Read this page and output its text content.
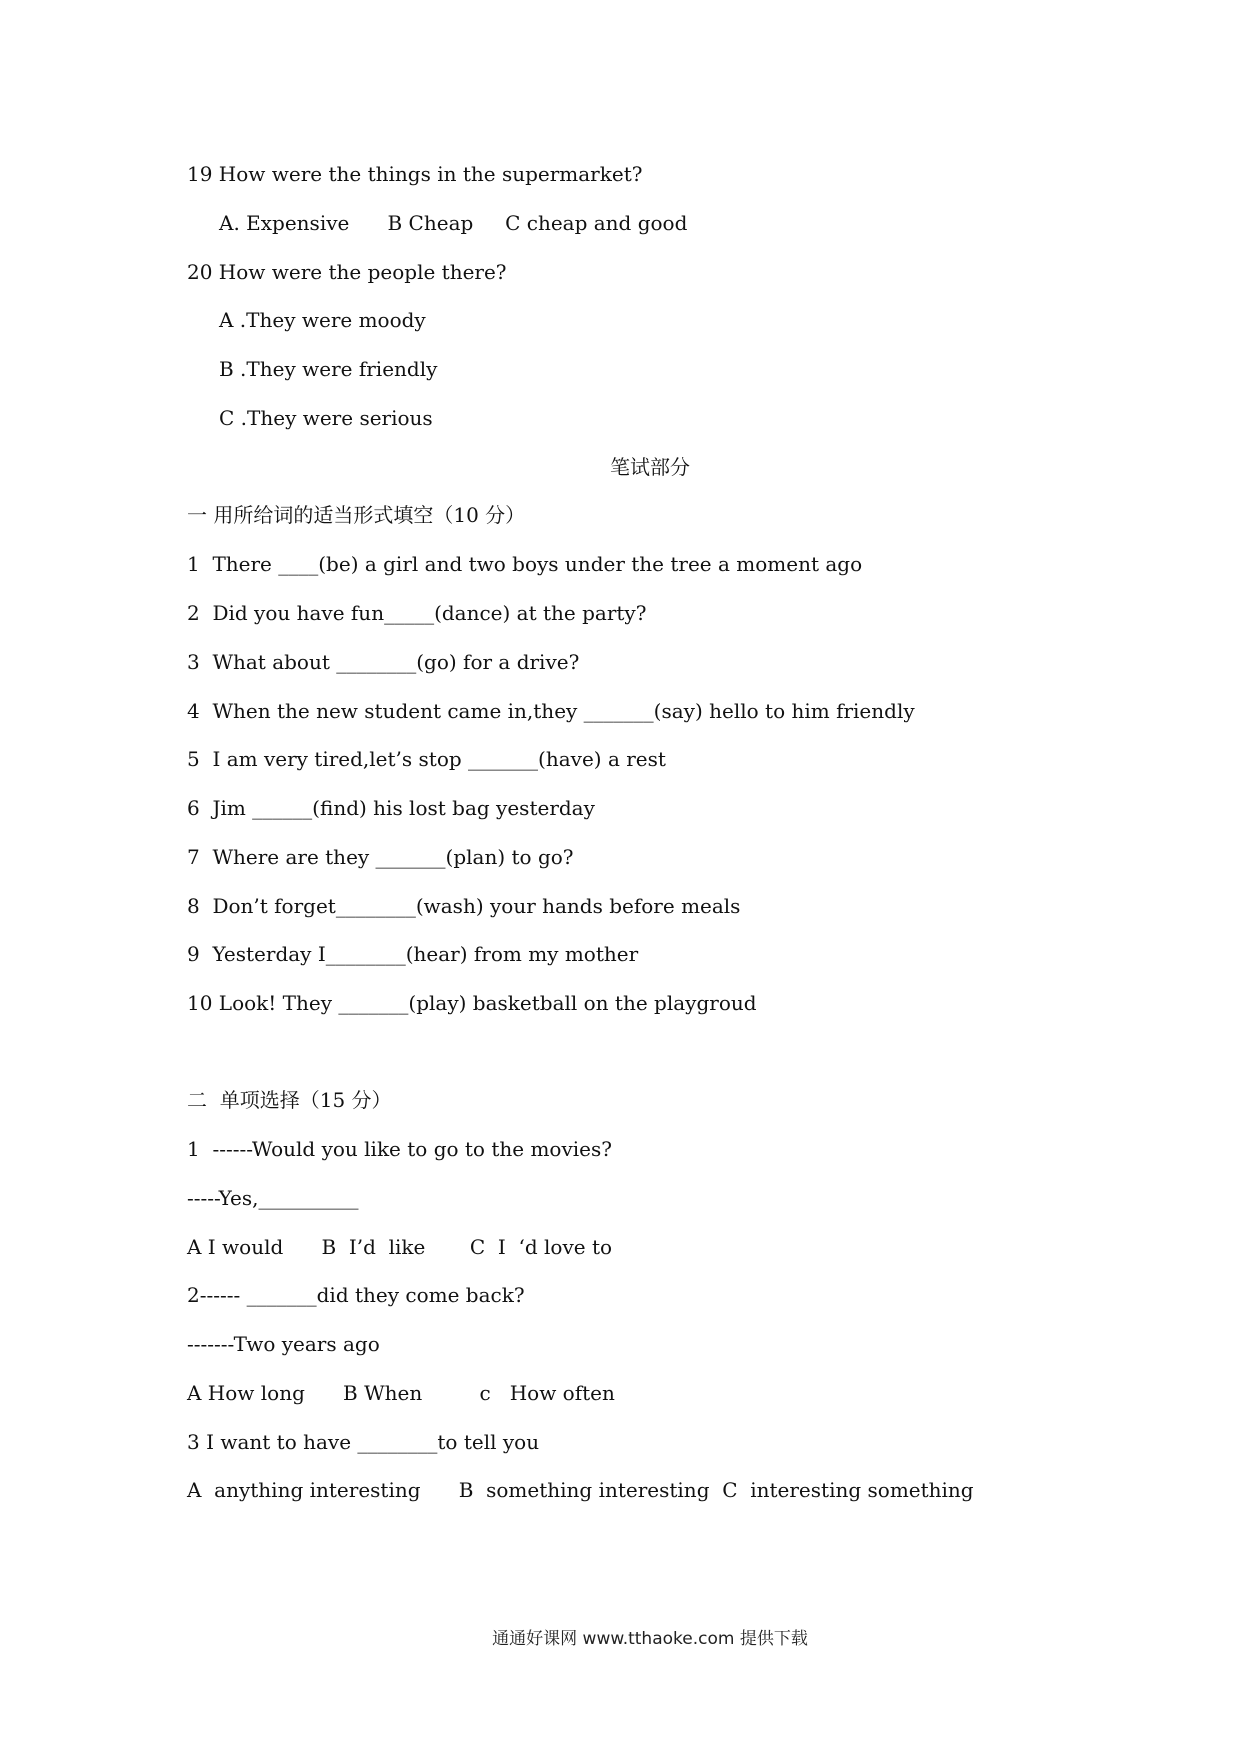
19 How were the things in the supermarket?
A. Expensive      B Cheap     C cheap and good
20 How were the people there?
A .They were moody
B .They were friendly
C .They were serious
笔试部分
一 用所给词的适当形式填空（10 分）
1  There ____(be) a girl and two boys under the tree a moment ago
2  Did you have fun_____(dance) at the party?
3  What about ________(go) for a drive?
4  When the new student came in,they _______(say) hello to him friendly
5  I am very tired,let’s stop _______(have) a rest
6  Jim ______(find) his lost bag yesterday
7  Where are they _______(plan) to go?
8  Don’t forget________(wash) your hands before meals
9  Yesterday I________(hear) from my mother
10 Look! They _______(play) basketball on the playgroud
二  单项选择（15 分）
1  ------Would you like to go to the movies?
-----Yes,__________
A I would      B  I’d  like       C  I  ‘d love to
2------ _______did they come back?
-------Two years ago
A How long      B When         c   How often
3 I want to have ________to tell you
A  anything interesting      B  something interesting  C  interesting something
通通好课网 www.tthaoke.com 提供下载
